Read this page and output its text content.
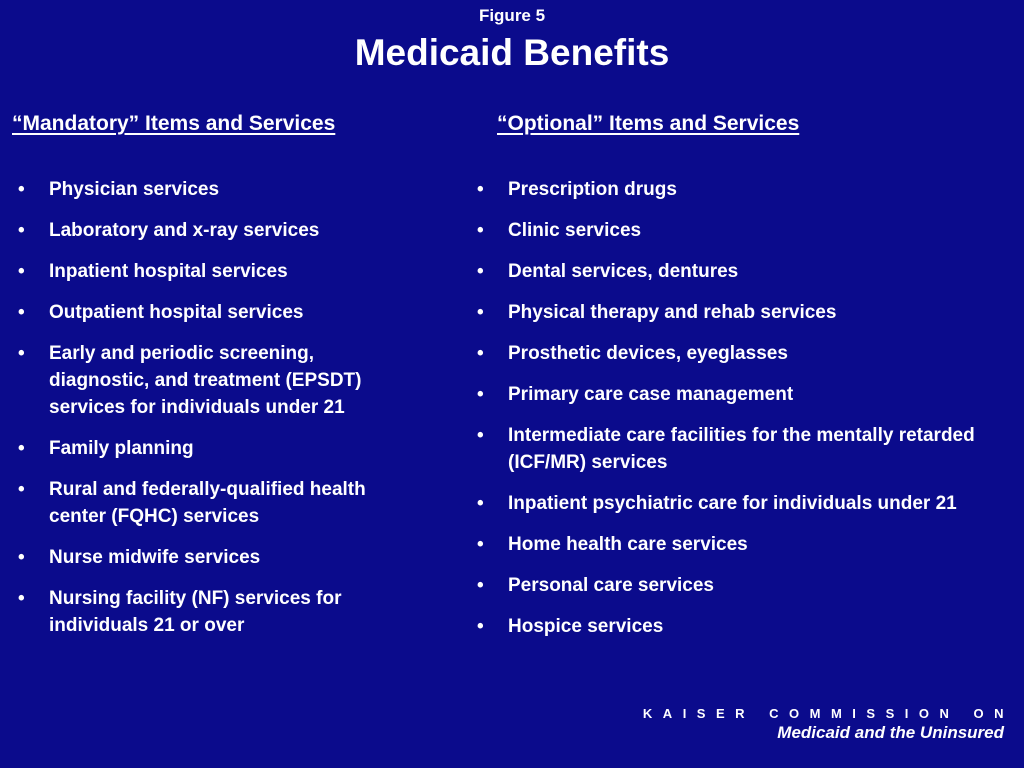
Figure 5
Medicaid Benefits
“Mandatory” Items and Services	“Optional” Items and Services
• Physician services
• Laboratory and x-ray services
• Inpatient hospital services
• Outpatient hospital services
• Early and periodic screening, diagnostic, and treatment (EPSDT) services for individuals under 21
• Family planning
• Rural and federally-qualified health center (FQHC) services
• Nurse midwife services
• Nursing facility (NF) services for individuals 21 or over
• Prescription drugs
• Clinic services
• Dental services, dentures
• Physical therapy and rehab services
• Prosthetic devices, eyeglasses
• Primary care case management
• Intermediate care facilities for the mentally retarded (ICF/MR) services
• Inpatient psychiatric care for individuals under 21
• Home health care services
• Personal care services
• Hospice services
KAISER COMMISSION ON
Medicaid and the Uninsured
